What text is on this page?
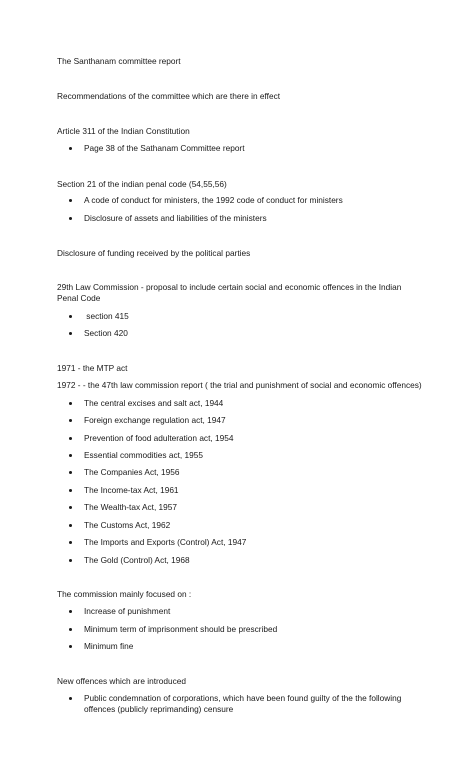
The Santhanam committee report
Recommendations of the committee which are there in effect
Article 311 of the Indian Constitution
Page 38 of the Sathanam Committee report
Section 21 of the indian penal code (54,55,56)
A code of conduct for ministers, the 1992 code of conduct for ministers
Disclosure of assets and liabilities of the ministers
Disclosure of funding received by the political parties
29th Law Commission - proposal to include certain social and economic offences in the Indian Penal Code
section 415
Section 420
1971 - the MTP act
1972 - - the 47th law commission report ( the trial and punishment of social and economic offences)
The central excises and salt act, 1944
Foreign exchange regulation act, 1947
Prevention of food adulteration act, 1954
Essential commodities act, 1955
The Companies Act, 1956
The Income-tax Act, 1961
The Wealth-tax Act, 1957
The Customs Act, 1962
The Imports and Exports (Control) Act, 1947
The Gold (Control) Act, 1968
The commission mainly focused on :
Increase of punishment
Minimum term of imprisonment should be prescribed
Minimum fine
New offences which are introduced
Public condemnation of corporations, which have been found guilty of the the following offences (publicly reprimanding) censure
